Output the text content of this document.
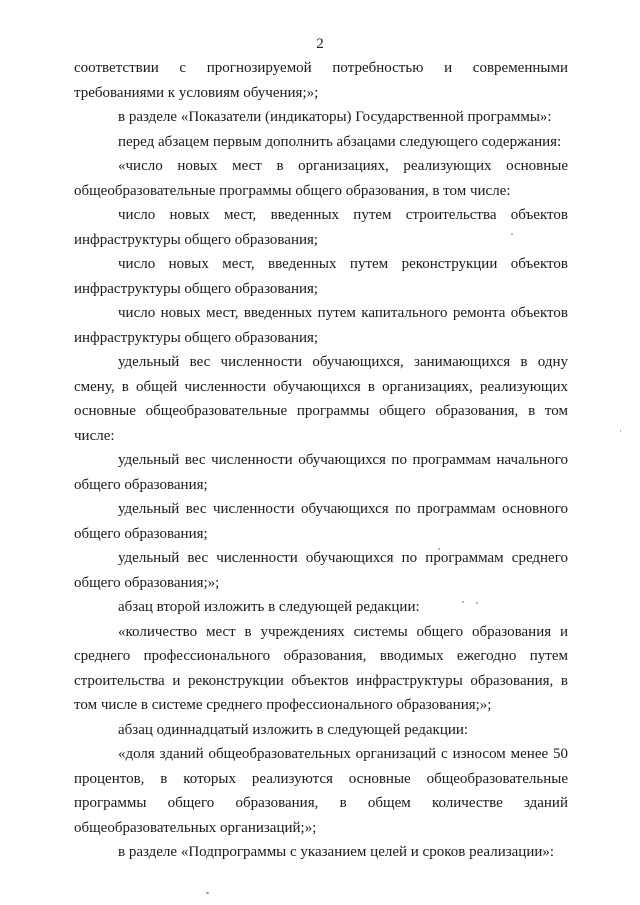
2

соответствии с прогнозируемой потребностью и современными требованиями к условиям обучения;»;

в разделе «Показатели (индикаторы) Государственной программы»:

перед абзацем первым дополнить абзацами следующего содержания:

«число новых мест в организациях, реализующих основные общеобразовательные программы общего образования, в том числе:

число новых мест, введенных путем строительства объектов инфраструктуры общего образования;

число новых мест, введенных путем реконструкции объектов инфраструктуры общего образования;

число новых мест, введенных путем капитального ремонта объектов инфраструктуры общего образования;

удельный вес численности обучающихся, занимающихся в одну смену, в общей численности обучающихся в организациях, реализующих основные общеобразовательные программы общего образования, в том числе:

удельный вес численности обучающихся по программам начального общего образования;

удельный вес численности обучающихся по программам основного общего образования;

удельный вес численности обучающихся по программам среднего общего образования;»;

абзац второй изложить в следующей редакции:

«количество мест в учреждениях системы общего образования и среднего профессионального образования, вводимых ежегодно путем строительства и реконструкции объектов инфраструктуры образования, в том числе в системе среднего профессионального образования;»;

абзац одиннадцатый изложить в следующей редакции:

«доля зданий общеобразовательных организаций с износом менее 50 процентов, в которых реализуются основные общеобразовательные программы общего образования, в общем количестве зданий общеобразовательных организаций;»;

в разделе «Подпрограммы с указанием целей и сроков реализации»:
